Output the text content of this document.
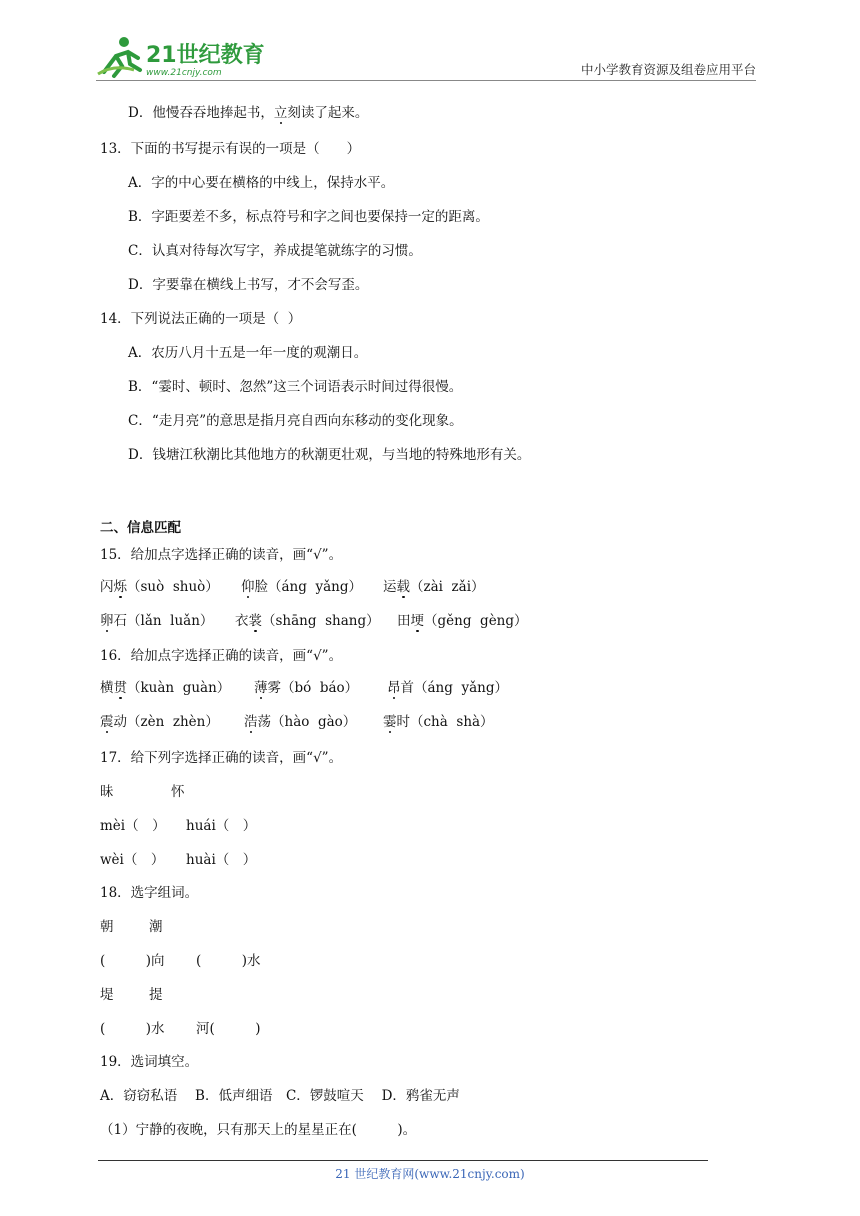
21世纪教育
www.21cnjy.com	中小学教育资源及组卷应用平台
D．他慢吞吞地捧起书，立刻读了起来。
13．下面的书写提示有误的一项是（　　）
A．字的中心要在横格的中线上，保持水平。
B．字距要差不多，标点符号和字之间也要保持一定的距离。
C．认真对待每次写字，养成提笔就练字的习惯。
D．字要靠在横线上书写，才不会写歪。
14．下列说法正确的一项是（  ）
A．农历八月十五是一年一度的观潮日。
B．“霎时、顿时、忽然”这三个词语表示时间过得很慢。
C．“走月亮”的意思是指月亮自西向东移动的变化现象。
D．钱塘江秋潮比其他地方的秋潮更壮观，与当地的特殊地形有关。
二、信息匹配
15．给加点字选择正确的读音，画“√”。
闪烁（suò  shuò） 仰脸（áng  yǎng） 运载（zài  zǎi）
卵石（lǎn  luǎn） 衣裳（shāng  shang） 田埂（gěng  gèng）
16．给加点字选择正确的读音，画“√”。
横贯（kuàn  guàn） 薄雾（bó  báo） 昂首（áng  yǎng）
震动（zèn  zhèn） 浩荡（hào  gào） 霎时（chà  shà）
17．给下列字选择正确的读音，画“√”。
昧	怀
mèi（　） huái（　）
wèi（　） huài（　）
18．选字组词。
朝	潮
(　　　)向 (　　　)水
堤	提
(　　　)水 河(　　　)
19．选词填空。
A．窃窃私语　 B．低声细语　C．锣鼓喧天　 D．鸦雀无声
（1）宁静的夜晚，只有那天上的星星正在(　　　)。
21 世纪教育网(www.21cnjy.com)
